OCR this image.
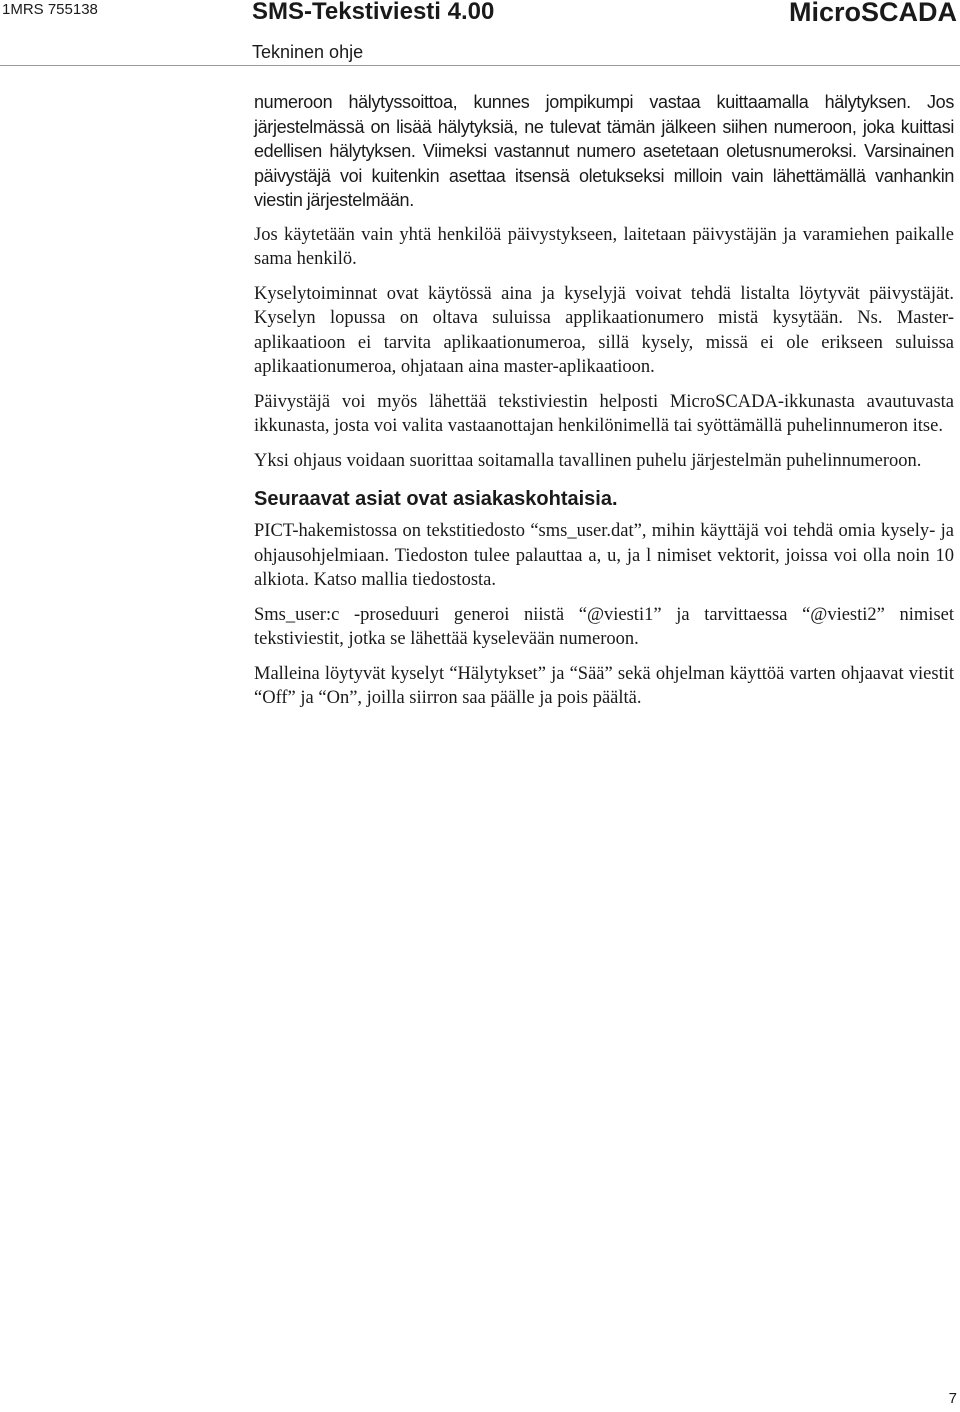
1MRS 755138	SMS-Tekstiviesti 4.00	MicroSCADA
Tekninen ohje

numeroon hälytyssoittoa, kunnes jompikumpi vastaa kuittaamalla hälytyksen. Jos järjestelmässä on lisää hälytyksiä, ne tulevat tämän jälkeen siihen numeroon, joka kuittasi edellisen hälytyksen. Viimeksi vastannut numero asetetaan oletusnumeroksi. Varsinainen päivystäjä voi kuitenkin asettaa itsensä oletukseksi milloin vain lähettämällä vanhankin viestin järjestelmään.

Jos käytetään vain yhtä henkilöä päivystykseen, laitetaan päivystäjän ja varamiehen paikalle sama henkilö.

Kyselytoiminnat ovat käytössä aina ja kyselyjä voivat tehdä listalta löytyvät päivystäjät. Kyselyn lopussa on oltava suluissa applikaationumero mistä kysytään. Ns. Master-aplikaatioon ei tarvita aplikaationumeroa, sillä kysely, missä ei ole erikseen suluissa aplikaationumeroa, ohjataan aina master-aplikaatioon.

Päivystäjä voi myös lähettää tekstiviestin helposti MicroSCADA-ikkunasta avautuvasta ikkunasta, josta voi valita vastaanottajan henkilönimellä tai syöttämällä puhelinnumeron itse.

Yksi ohjaus voidaan suorittaa soitamalla tavallinen puhelu järjestelmän puhelinnumeroon.

Seuraavat asiat ovat asiakaskohtaisia.

PICT-hakemistossa on tekstitiedosto “sms_user.dat”, mihin käyttäjä voi tehdä omia kysely- ja ohjausohjelmiaan. Tiedoston tulee palauttaa a, u, ja l nimiset vektorit, joissa voi olla noin 10 alkiota. Katso mallia tiedostosta.

Sms_user:c -proseduuri generoi niistä “@viesti1” ja tarvittaessa “@viesti2” nimiset tekstiviestit, jotka se lähettää kyselevään numeroon.

Malleina löytyvät kyselyt “Hälytykset” ja “Sää” sekä ohjelman käyttöä varten ohjaavat viestit “Off” ja “On”, joilla siirron saa päälle ja pois päältä.

7
